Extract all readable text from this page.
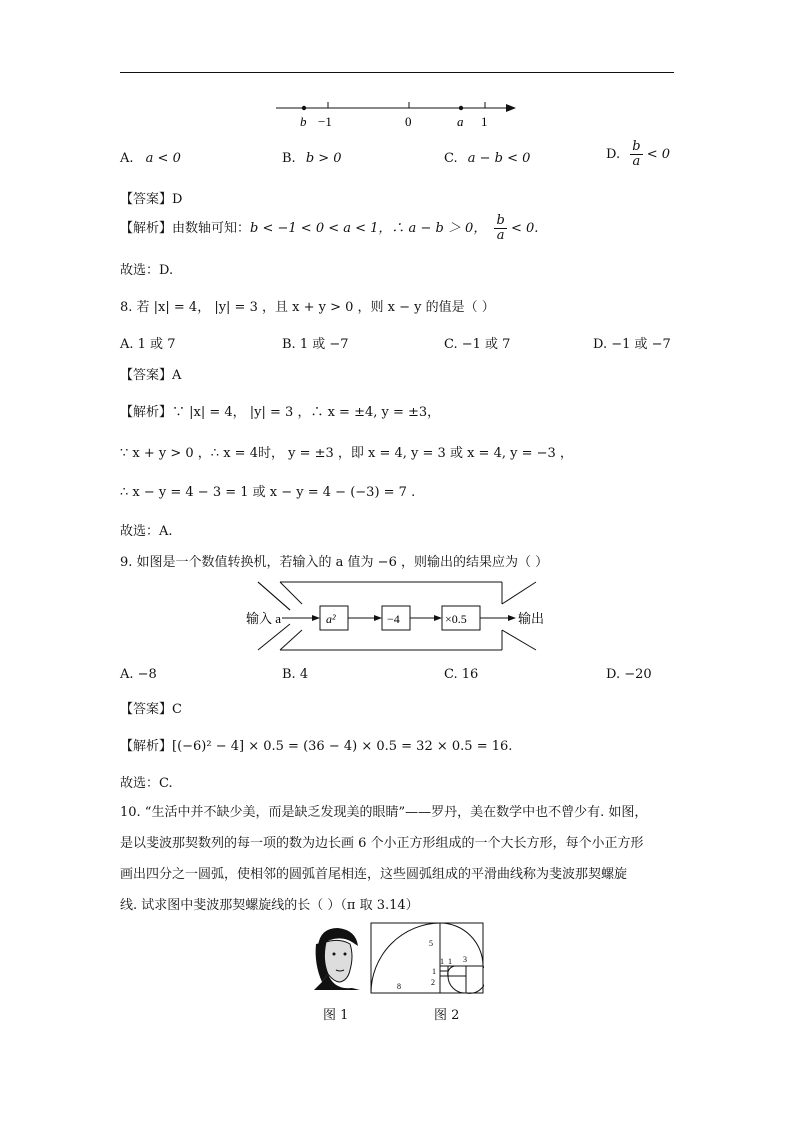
b −1	0	a 1
A. a < 0	B. b > 0	C. a − b < 0	D. $\frac{b}{a} < 0$
【答案】D
【解析】由数轴可知：b < −1 < 0 < a < 1，∴ a − b ＞ 0， $\frac{b}{a} < 0$.
故选：D.
8. 若 |x| = 4， |y| = 3 ，且 x + y > 0 ，则 x − y 的值是（ ）
A. 1 或 7	B. 1 或 −7	C. −1 或 7	D. −1 或 −7
【答案】A
【解析】∵ |x| = 4， |y| = 3 ，∴ x = ±4, y = ±3，
∵ x + y > 0 ，∴ x = 4时， y = ±3 ，即 x = 4, y = 3 或 x = 4, y = −3 ，
∴ x − y = 4 − 3 = 1 或 x − y = 4 − (−3) = 7 .
故选：A.
9. 如图是一个数值转换机，若输入的 a 值为 −6 ，则输出的结果应为（ ）
输入 a	a²	−4	×0.5	输出
A. −8	B. 4	C. 16	D. −20
【答案】C
【解析】[(−6)² − 4] × 0.5 = (36 − 4) × 0.5 = 32 × 0.5 = 16.
故选：C.
10. “生活中并不缺少美，而是缺乏发现美的眼睛”——罗丹，美在数学中也不曾少有. 如图，
是以斐波那契数列的每一项的数为边长画 6 个小正方形组成的一个大长方形，每个小正方形
画出四分之一圆弧，使相邻的圆弧首尾相连，这些圆弧组成的平滑曲线称为斐波那契螺旋
线. 试求图中斐波那契螺旋线的长（ ）（π 取 3.14）
5
1 1 3
1
2
8
图 1	图 2
